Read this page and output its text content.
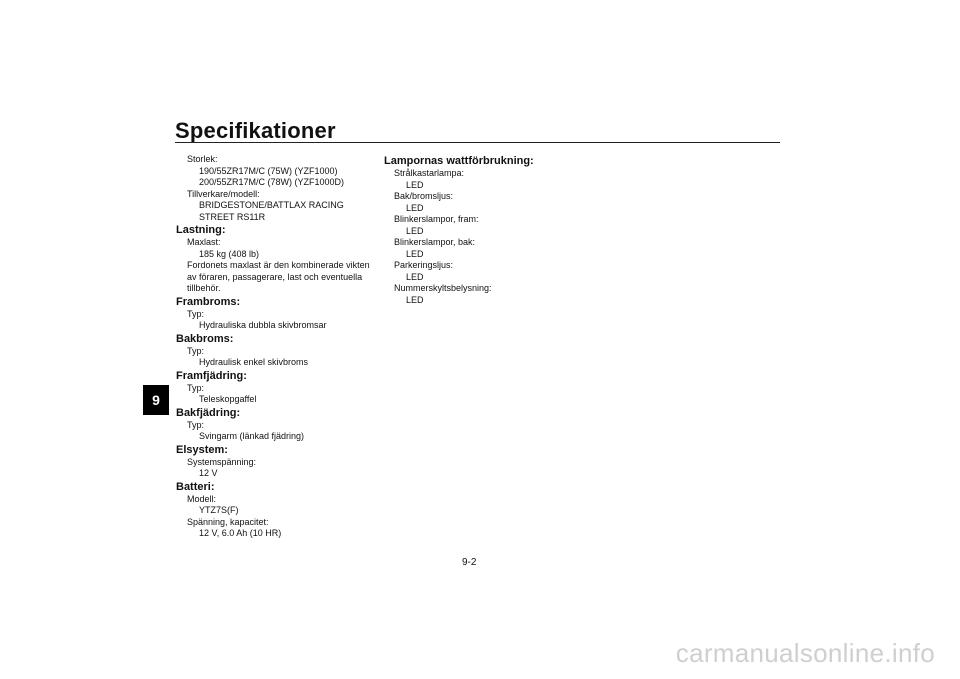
Specifikationer
9
Storlek:
190/55ZR17M/C (75W) (YZF1000)
200/55ZR17M/C (78W) (YZF1000D)
Tillverkare/modell:
BRIDGESTONE/BATTLAX RACING
STREET RS11R
Lastning:
Maxlast:
185 kg (408 lb)
Fordonets maxlast är den kombinerade vikten
av föraren, passagerare, last och eventuella
tillbehör.
Frambroms:
Typ:
Hydrauliska dubbla skivbromsar
Bakbroms:
Typ:
Hydraulisk enkel skivbroms
Framfjädring:
Typ:
Teleskopgaffel
Bakfjädring:
Typ:
Svingarm (länkad fjädring)
Elsystem:
Systemspänning:
12 V
Batteri:
Modell:
YTZ7S(F)
Spänning, kapacitet:
12 V, 6.0 Ah (10 HR)
Lampornas wattförbrukning:
Strålkastarlampa:
LED
Bak/bromsljus:
LED
Blinkerslampor, fram:
LED
Blinkerslampor, bak:
LED
Parkeringsljus:
LED
Nummerskyltsbelysning:
LED
9-2
carmanualsonline.info
